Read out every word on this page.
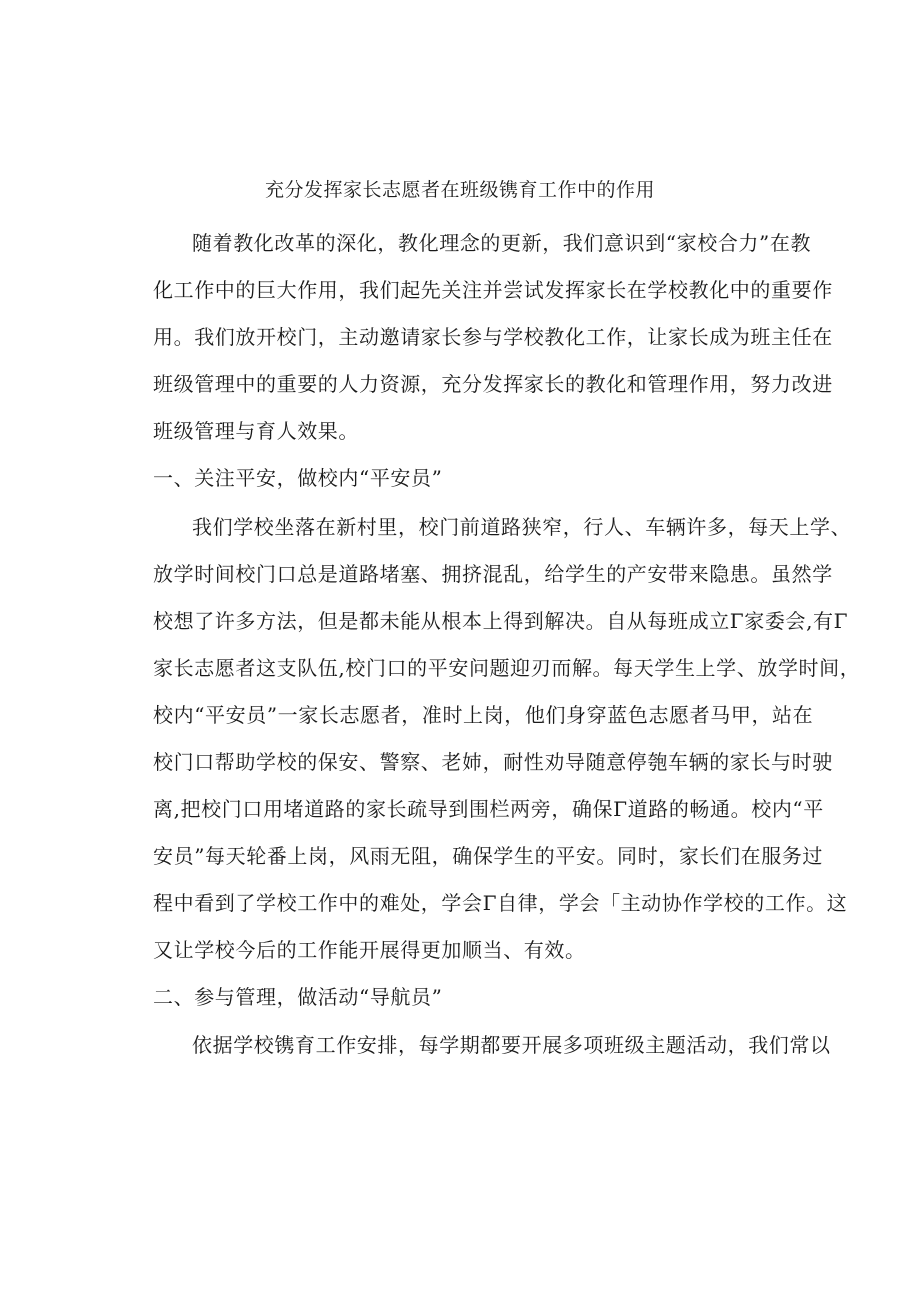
充分发挥家长志愿者在班级镌育工作中的作用

随着教化改革的深化，教化理念的更新，我们意识到“家校合力”在教

化工作中的巨大作用，我们起先关注并尝试发挥家长在学校教化中的重要作

用。我们放开校门，主动邀请家长参与学校教化工作，让家长成为班主任在

班级管理中的重要的人力资源，充分发挥家长的教化和管理作用，努力改进

班级管理与育人效果。

一、关注平安，做校内“平安员”

我们学校坐落在新村里，校门前道路狭窄，行人、车辆许多，每天上学、

放学时间校门口总是道路堵塞、拥挤混乱，给学生的产安带来隐患。虽然学

校想了许多方法，但是都未能从根本上得到解决。自从每班成立Γ家委会,有Γ

家长志愿者这支队伍,校门口的平安问题迎刃而解。每天学生上学、放学时间，

校内“平安员”一家长志愿者，准时上岗，他们身穿蓝色志愿者马甲，站在

校门口帮助学校的保安、警察、老姉，耐性劝导随意停匏车辆的家长与时驶

离,把校门口用堵道路的家长疏导到围栏两旁，确保Γ道路的畅通。校内“平

安员”每天轮番上岗，风雨无阻，确保学生的平安。同时，家长们在服务过

程中看到了学校工作中的难处，学会Γ自律，学会「主动协作学校的工作。这

又让学校今后的工作能开展得更加顺当、有效。

二、参与管理，做活动“导航员”

依据学校镌育工作安排，每学期都要开展多项班级主题活动，我们常以
